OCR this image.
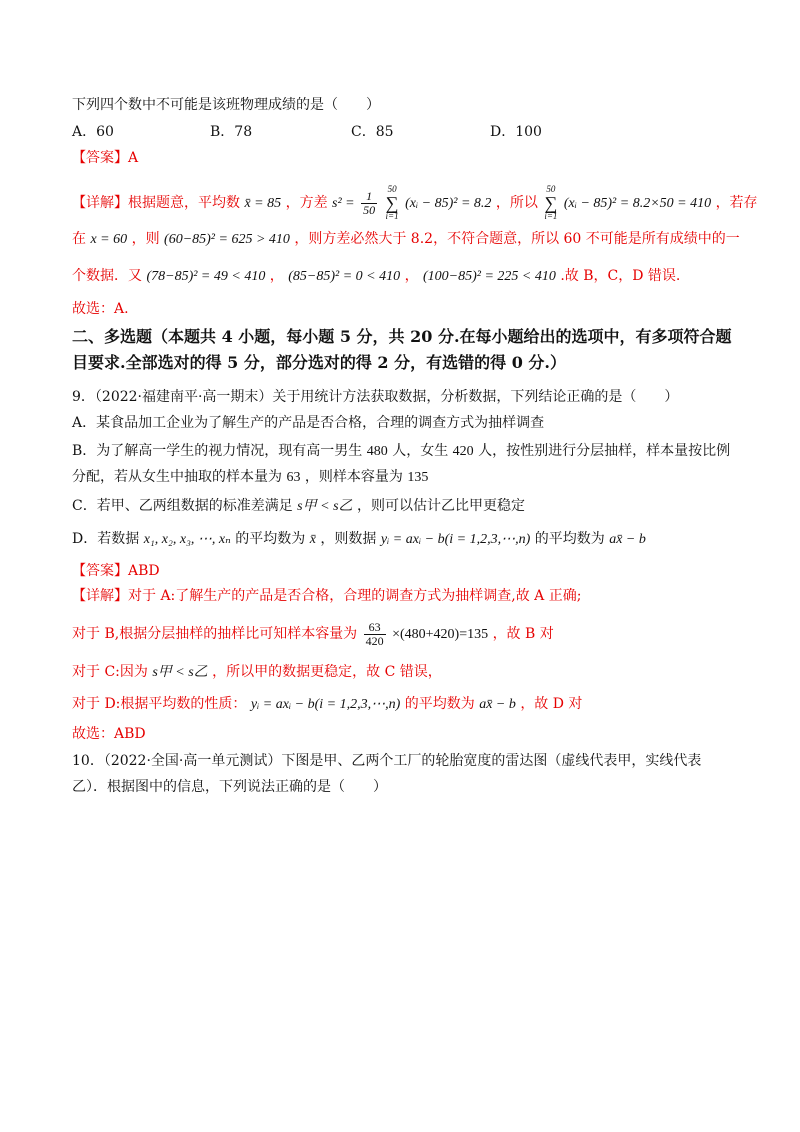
下列四个数中不可能是该班物理成绩的是（　　）
A．60	B．78	C．85	D．100
【答案】A
【详解】根据题意，平均数 x̄ = 85 ，方差 $s^2 = \frac{1}{50}$
50
∑
i=1 (xᵢ − 85)² = 8.2 ，所以 50
∑
i=1 (xᵢ − 85)² = 8.2×50 = 410 ，若存
在 x = 60 ，则 (60−85)² = 625 > 410 ，则方差必然大于 8.2，不符合题意，所以 60 不可能是所有成绩中的一
个数据．又 (78−85)² = 49 < 410 ， (85−85)² = 0 < 410 ， (100−85)² = 225 < 410 .故 B，C，D 错误.
故选：A.
二、多选题（本题共 4 小题，每小题 5 分，共 20 分.在每小题给出的选项中，有多项符合题目要求.全部选对的得 5 分，部分选对的得 2 分，有选错的得 0 分.）
9．（2022·福建南平·高一期末）关于用统计方法获取数据，分析数据，下列结论正确的是（　　）
A．某食品加工企业为了解生产的产品是否合格，合理的调查方式为抽样调查
B．为了解高一学生的视力情况，现有高一男生 480 人，女生 420 人，按性别进行分层抽样，样本量按比例
分配，若从女生中抽取的样本量为 63 ，则样本容量为 135
C．若甲、乙两组数据的标准差满足 s甲 < s乙 ，则可以估计乙比甲更稳定
D．若数据 x₁, x₂, x₃, ⋯, xₙ 的平均数为 x̄ ，则数据 yᵢ = axᵢ − b(i = 1,2,3,⋯,n) 的平均数为 ax̄ − b
【答案】ABD
【详解】对于 A:了解生产的产品是否合格，合理的调查方式为抽样调查,故 A 正确;
对于 B,根据分层抽样的抽样比可知样本容量为 $\frac{63}{420} \times(480+420)=135$ ，故 B 对
对于 C:因为 s甲 < s乙 ，所以甲的数据更稳定，故 C 错误，
对于 D:根据平均数的性质： yᵢ = axᵢ − b(i = 1,2,3,⋯,n) 的平均数为 ax̄ − b ，故 D 对
故选：ABD
10．（2022·全国·高一单元测试）下图是甲、乙两个工厂的轮胎宽度的雷达图（虚线代表甲，实线代表
乙）．根据图中的信息，下列说法正确的是（　　）
